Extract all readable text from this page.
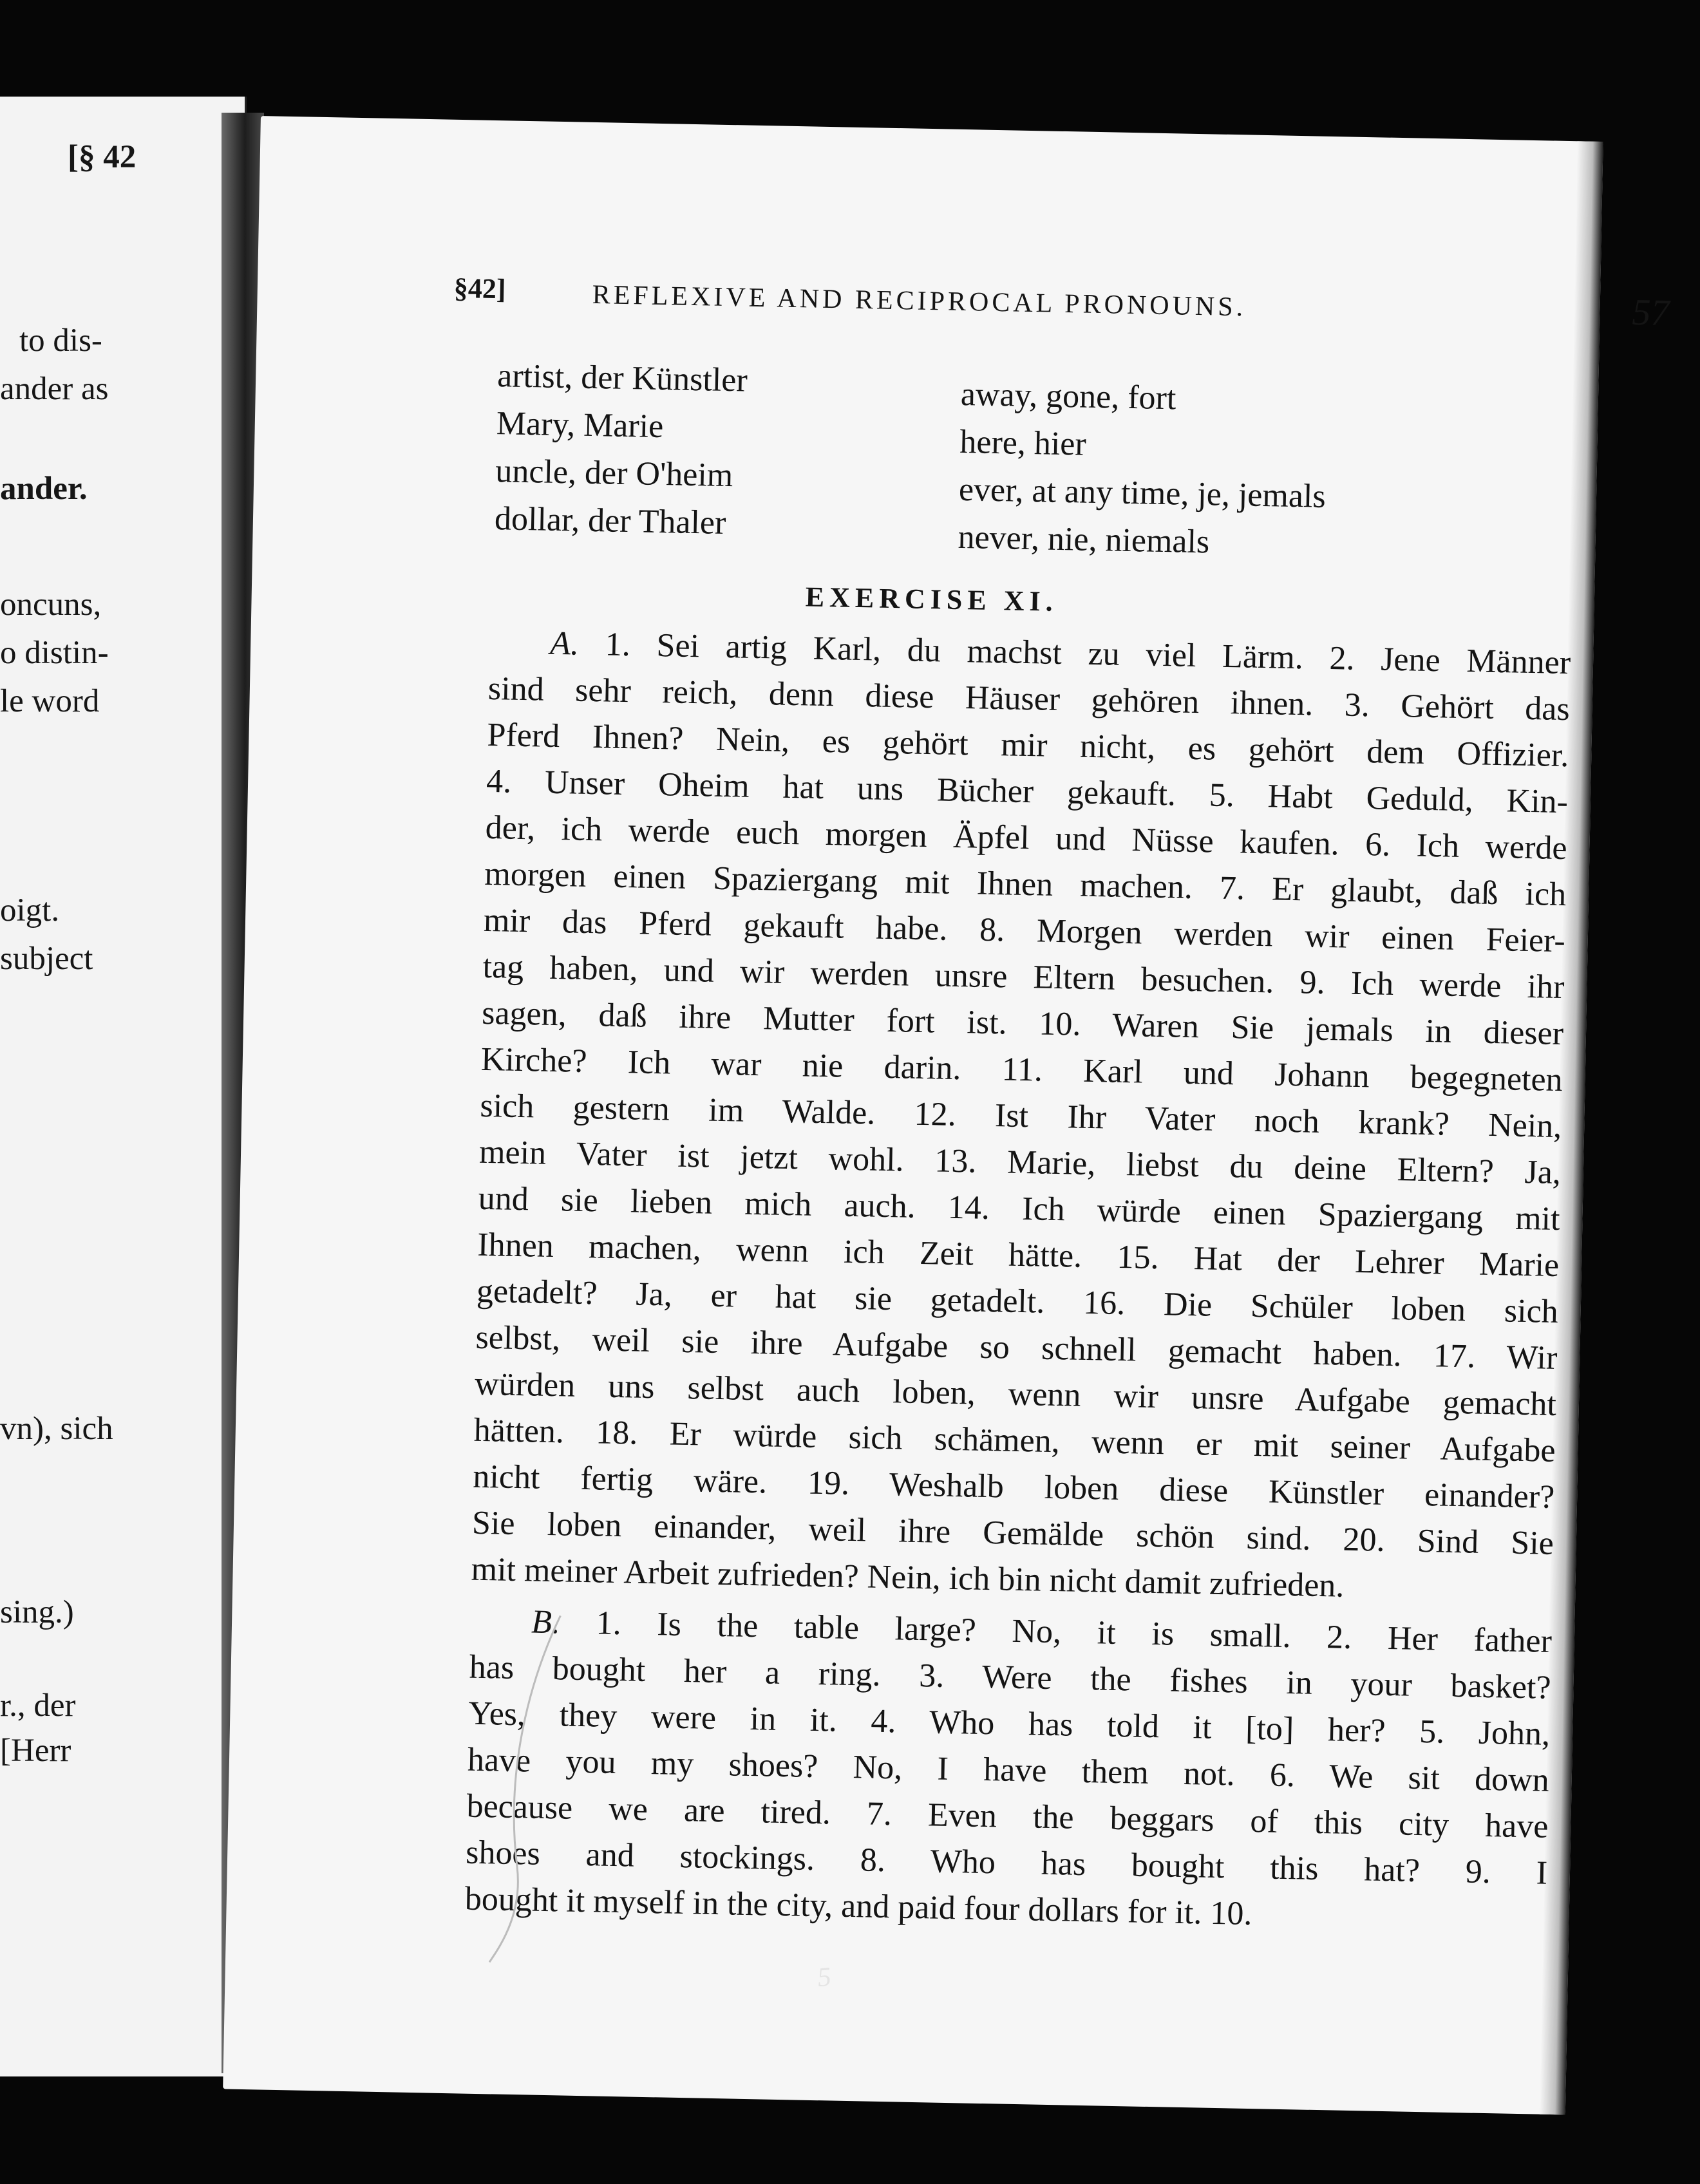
[§ 42
to dis-
ander as
ander.
oncuns,
o distin-
le word
oigt.
subject
vn), sich
sing.)
r., der
[Herr
§42]	REFLEXIVE AND RECIPROCAL PRONOUNS.	57
artist, der Künstler
Mary, Marie
uncle, der O'heim
dollar, der Thaler
away, gone, fort
here, hier
ever, at any time, je, jemals
never, nie, niemals
EXERCISE XI.
A. 1. Sei artig Karl, du machst zu viel Lärm. 2. Jene Männer
sind sehr reich, denn diese Häuser gehören ihnen. 3. Gehört das
Pferd Ihnen? Nein, es gehört mir nicht, es gehört dem Offizier.
4. Unser Oheim hat uns Bücher gekauft. 5. Habt Geduld, Kin-
der, ich werde euch morgen Äpfel und Nüsse kaufen. 6. Ich werde
morgen einen Spaziergang mit Ihnen machen. 7. Er glaubt, daß ich
mir das Pferd gekauft habe. 8. Morgen werden wir einen Feier-
tag haben, und wir werden unsre Eltern besuchen. 9. Ich werde ihr
sagen, daß ihre Mutter fort ist. 10. Waren Sie jemals in dieser
Kirche? Ich war nie darin. 11. Karl und Johann begegneten
sich gestern im Walde. 12. Ist Ihr Vater noch krank? Nein,
mein Vater ist jetzt wohl. 13. Marie, liebst du deine Eltern? Ja,
und sie lieben mich auch. 14. Ich würde einen Spaziergang mit
Ihnen machen, wenn ich Zeit hätte. 15. Hat der Lehrer Marie
getadelt? Ja, er hat sie getadelt. 16. Die Schüler loben sich
selbst, weil sie ihre Aufgabe so schnell gemacht haben. 17. Wir
würden uns selbst auch loben, wenn wir unsre Aufgabe gemacht
hätten. 18. Er würde sich schämen, wenn er mit seiner Aufgabe
nicht fertig wäre. 19. Weshalb loben diese Künstler einander?
Sie loben einander, weil ihre Gemälde schön sind. 20. Sind Sie
mit meiner Arbeit zufrieden? Nein, ich bin nicht damit zufrieden.
B. 1. Is the table large? No, it is small. 2. Her father
has bought her a ring. 3. Were the fishes in your basket?
Yes, they were in it. 4. Who has told it [to] her? 5. John,
have you my shoes? No, I have them not. 6. We sit down
because we are tired. 7. Even the beggars of this city have
shoes and stockings. 8. Who has bought this hat? 9. I
bought it myself in the city, and paid four dollars for it. 10.
5
